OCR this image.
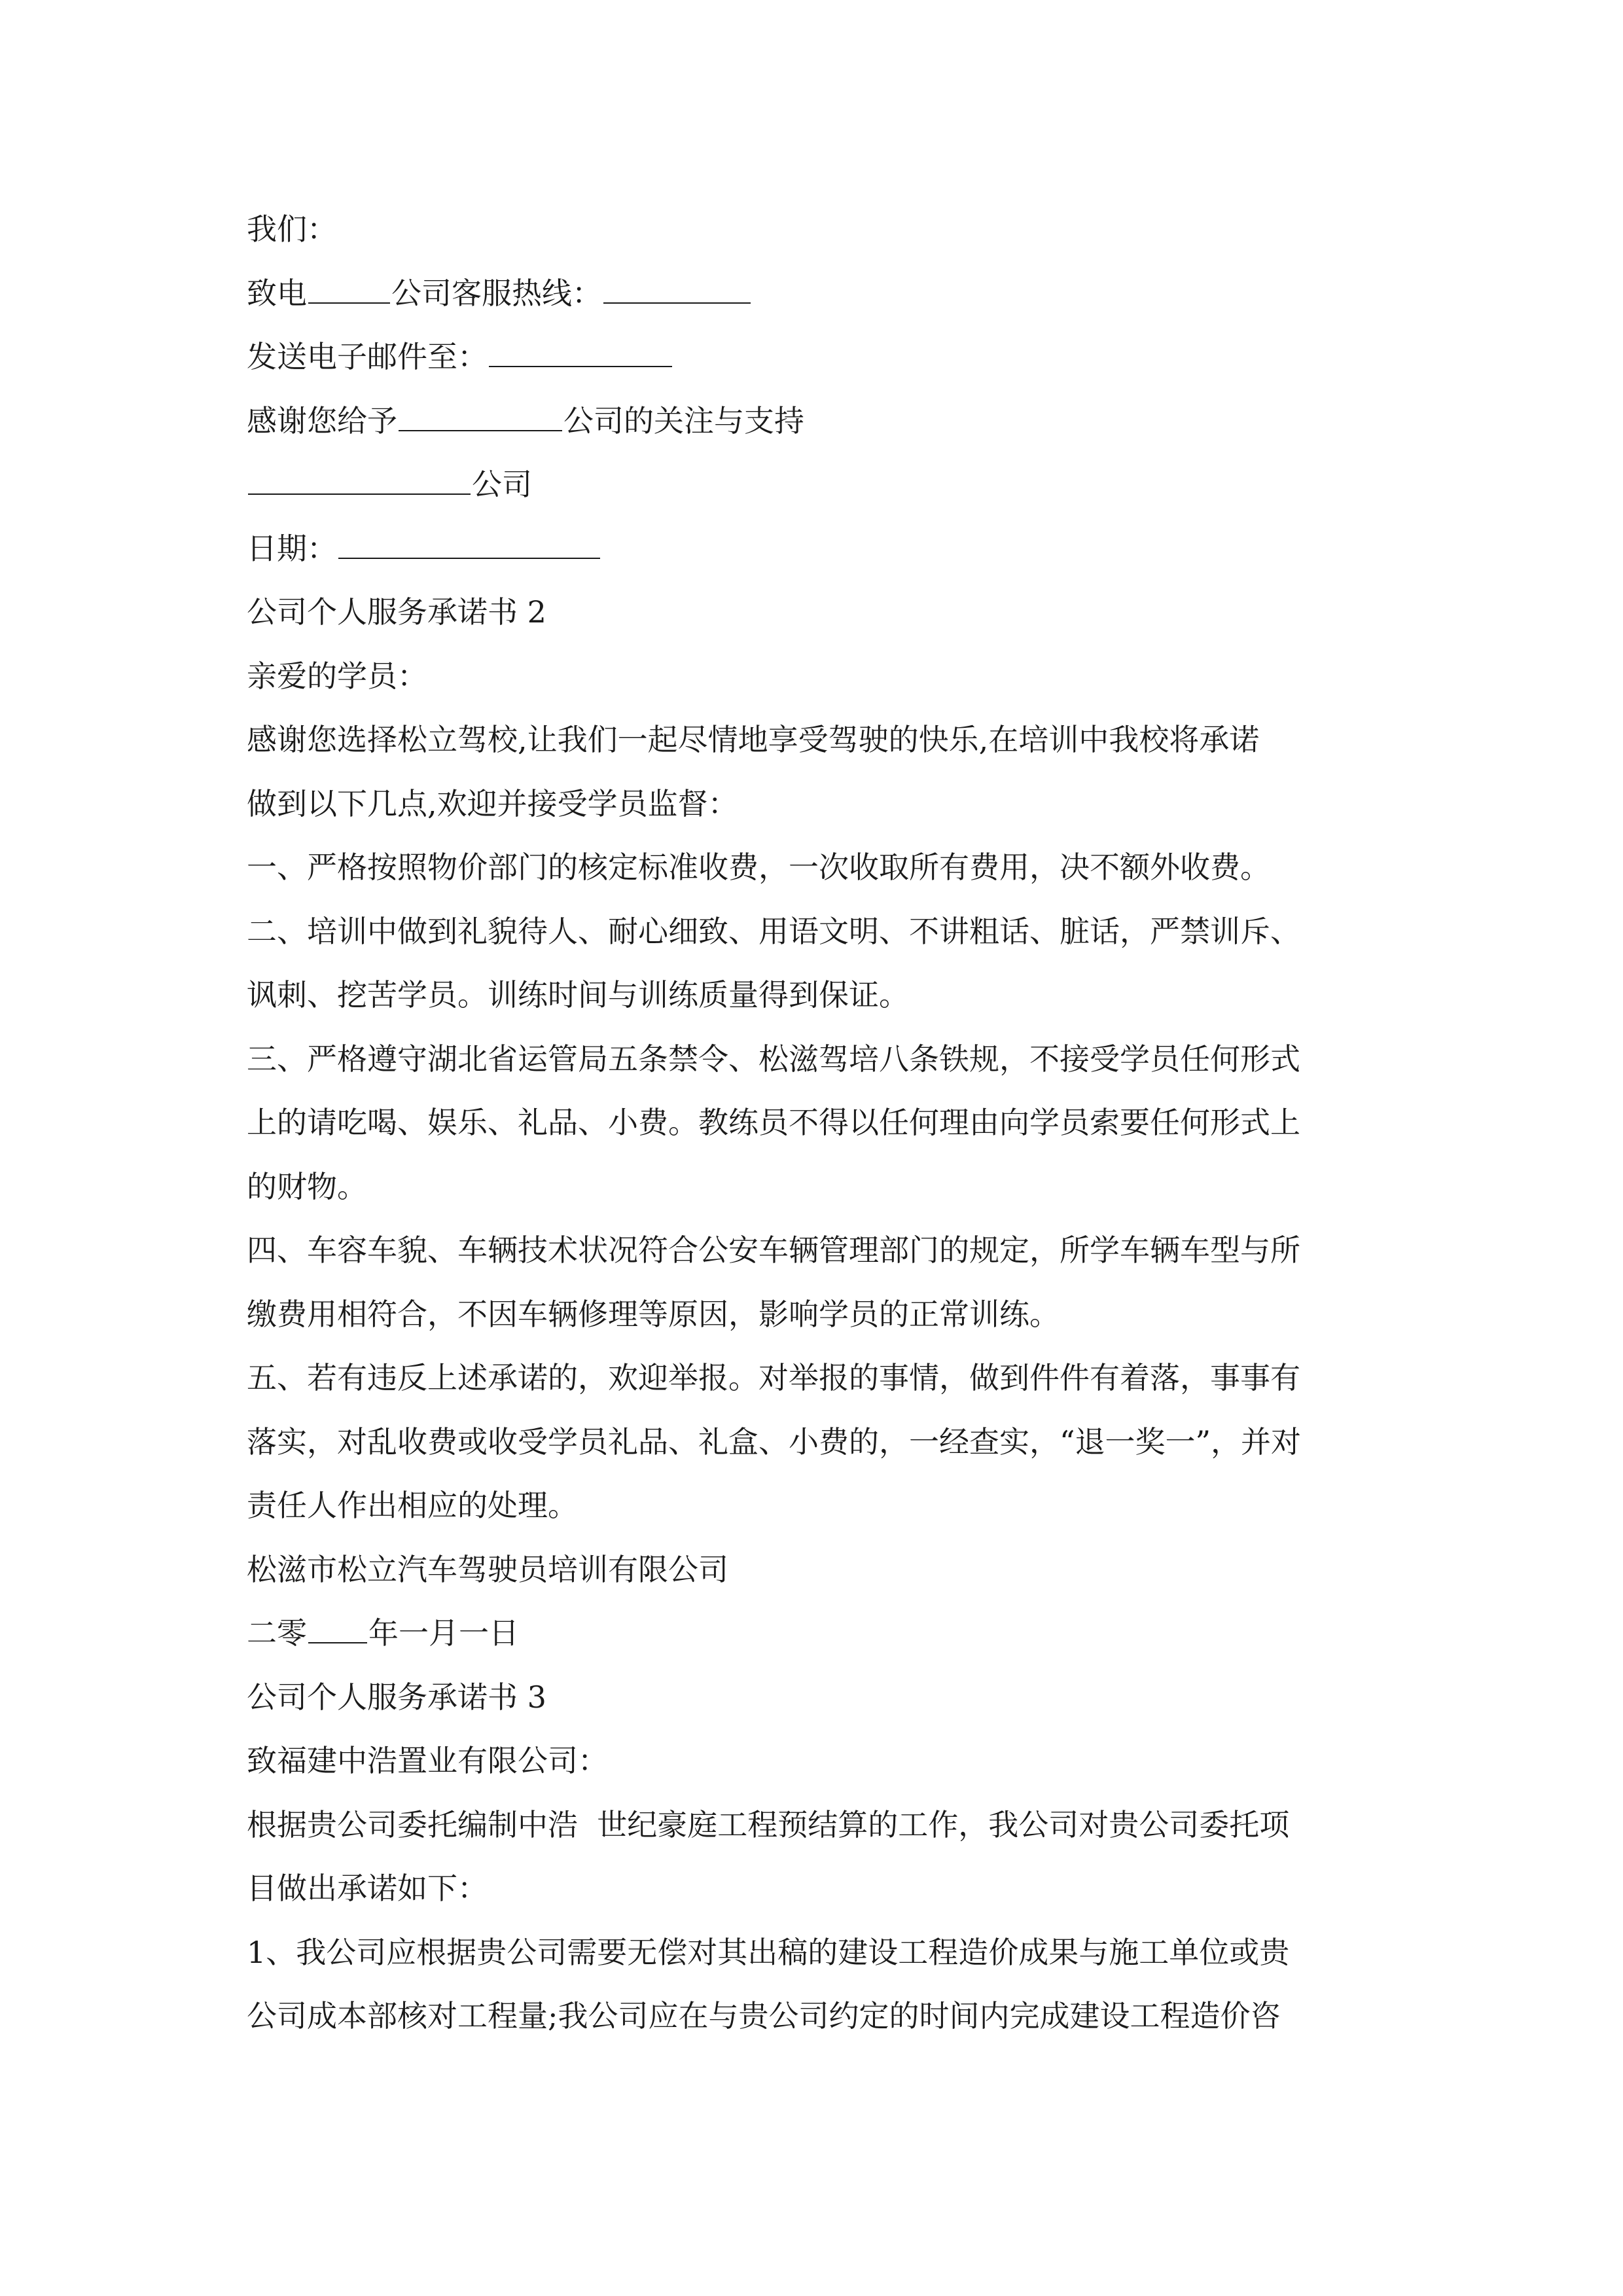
我们：
致电	公司客服热线：
发送电子邮件至：
感谢您给予	公司的关注与支持
公司
日期：
公司个人服务承诺书 2
亲爱的学员：
感谢您选择松立驾校,让我们一起尽情地享受驾驶的快乐,在培训中我校将承诺
做到以下几点,欢迎并接受学员监督：
一、严格按照物价部门的核定标准收费，一次收取所有费用，决不额外收费。
二、培训中做到礼貌待人、耐心细致、用语文明、不讲粗话、脏话，严禁训斥、
讽刺、挖苦学员。训练时间与训练质量得到保证。
三、严格遵守湖北省运管局五条禁令、松滋驾培八条铁规，不接受学员任何形式
上的请吃喝、娱乐、礼品、小费。教练员不得以任何理由向学员索要任何形式上
的财物。
四、车容车貌、车辆技术状况符合公安车辆管理部门的规定，所学车辆车型与所
缴费用相符合，不因车辆修理等原因，影响学员的正常训练。
五、若有违反上述承诺的，欢迎举报。对举报的事情，做到件件有着落，事事有
落实，对乱收费或收受学员礼品、礼盒、小费的，一经查实，“退一奖一”，并对
责任人作出相应的处理。
松滋市松立汽车驾驶员培训有限公司
二零 年一月一日
公司个人服务承诺书 3
致福建中浩置业有限公司：
根据贵公司委托编制中浩  世纪豪庭工程预结算的工作，我公司对贵公司委托项
目做出承诺如下：
1、我公司应根据贵公司需要无偿对其出稿的建设工程造价成果与施工单位或贵
公司成本部核对工程量;我公司应在与贵公司约定的时间内完成建设工程造价咨
